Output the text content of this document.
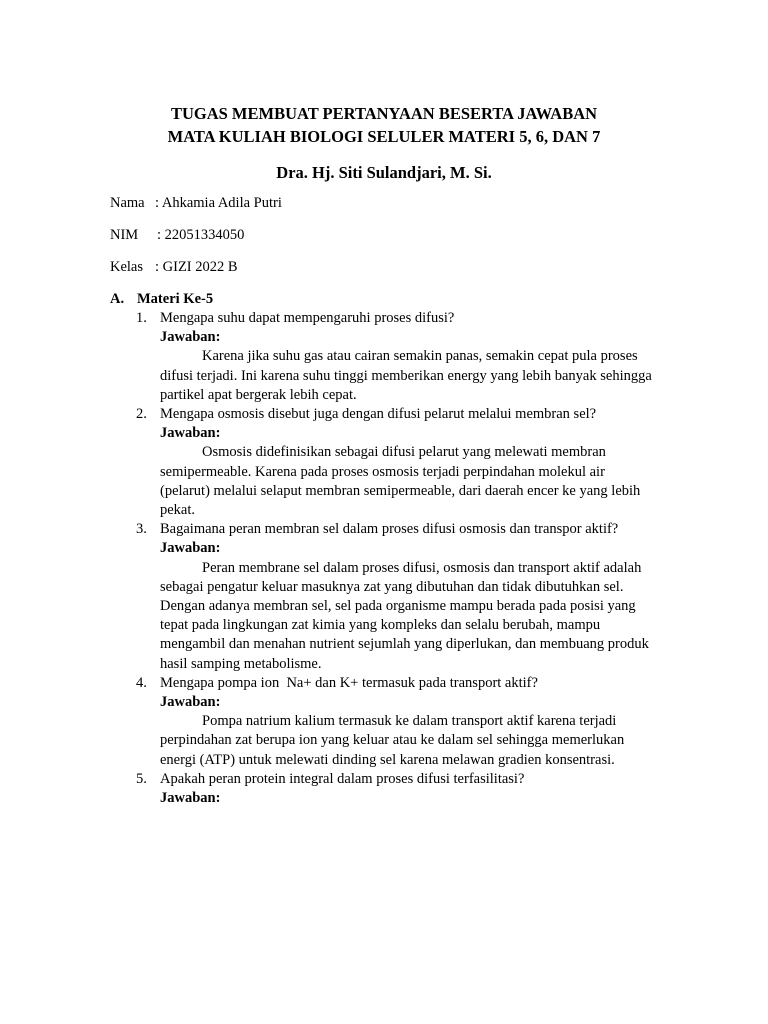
TUGAS MEMBUAT PERTANYAAN BESERTA JAWABAN
MATA KULIAH BIOLOGI SELULER MATERI 5, 6, DAN 7
Dra. Hj. Siti Sulandjari, M. Si.
Nama : Ahkamia Adila Putri
NIM : 22051334050
Kelas : GIZI 2022 B
A. Materi Ke-5
1. Mengapa suhu dapat mempengaruhi proses difusi?
Jawaban:
Karena jika suhu gas atau cairan semakin panas, semakin cepat pula proses difusi terjadi. Ini karena suhu tinggi memberikan energy yang lebih banyak sehingga partikel apat bergerak lebih cepat.
2. Mengapa osmosis disebut juga dengan difusi pelarut melalui membran sel?
Jawaban:
Osmosis didefinisikan sebagai difusi pelarut yang melewati membran semipermeable. Karena pada proses osmosis terjadi perpindahan molekul air (pelarut) melalui selaput membran semipermeable, dari daerah encer ke yang lebih pekat.
3. Bagaimana peran membran sel dalam proses difusi osmosis dan transpor aktif?
Jawaban:
Peran membrane sel dalam proses difusi, osmosis dan transport aktif adalah sebagai pengatur keluar masuknya zat yang dibutuhan dan tidak dibutuhkan sel. Dengan adanya membran sel, sel pada organisme mampu berada pada posisi yang tepat pada lingkungan zat kimia yang kompleks dan selalu berubah, mampu mengambil dan menahan nutrient sejumlah yang diperlukan, dan membuang produk hasil samping metabolisme.
4. Mengapa pompa ion  Na+ dan K+ termasuk pada transport aktif?
Jawaban:
Pompa natrium kalium termasuk ke dalam transport aktif karena terjadi perpindahan zat berupa ion yang keluar atau ke dalam sel sehingga memerlukan energi (ATP) untuk melewati dinding sel karena melawan gradien konsentrasi.
5. Apakah peran protein integral dalam proses difusi terfasilitasi?
Jawaban:
